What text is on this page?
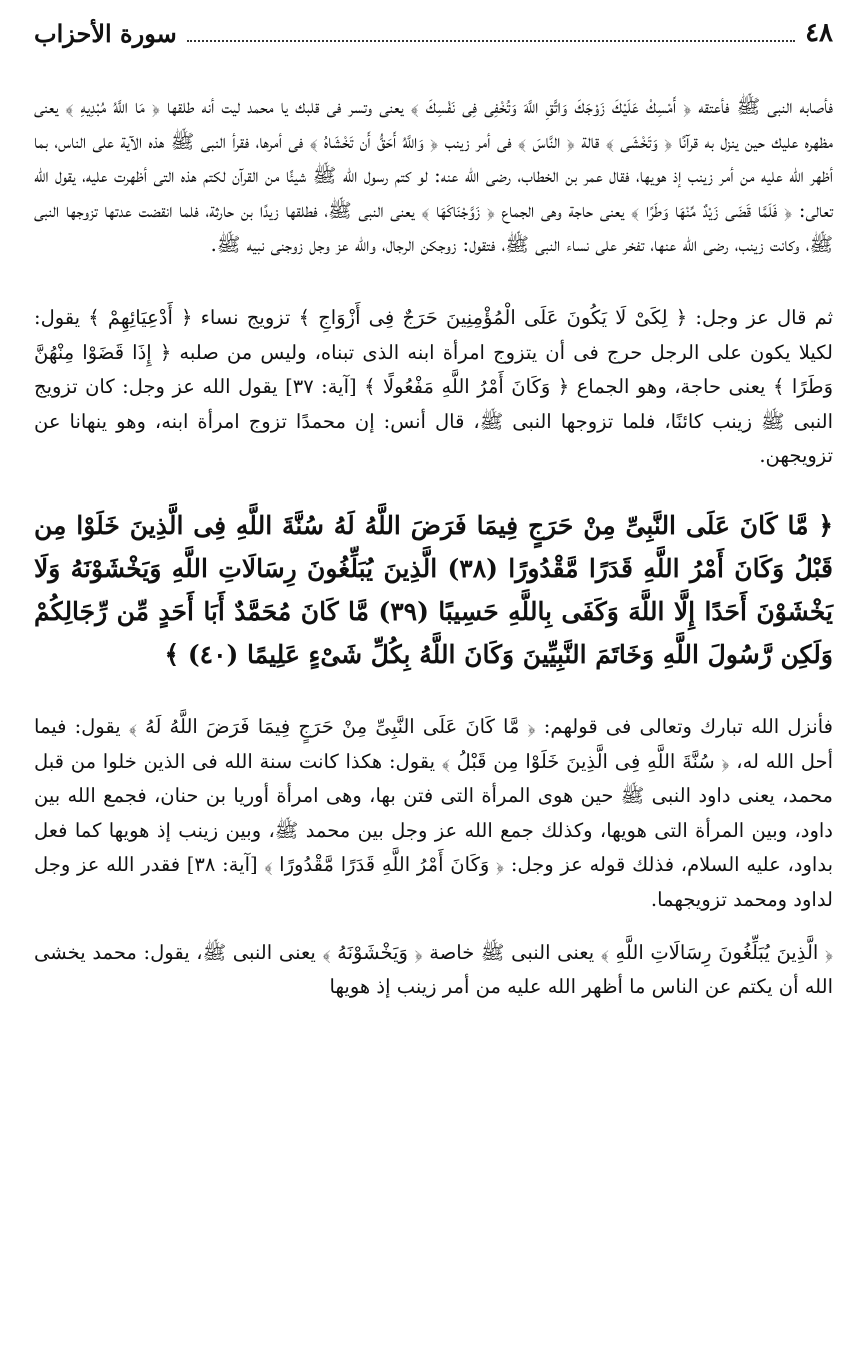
٤٨
سورة الأحزاب

فأصابه النبى ﷺ فأعتقه ﴿ أَمْسِكْ عَلَيْكَ زَوْجَكَ وَاتَّقِ اللَّهَ وَتُخْفِى فِى نَفْسِكَ ﴾ يعنى وتسر فى قلبك يا محمد ليت أنه طلقها ﴿ مَا اللَّهُ مُبْدِيهِ ﴾ يعنى مظهره عليك حين ينزل به قرآنًا ﴿ وَتَخْشَى ﴾ قالة ﴿ النَّاسَ ﴾ فى أمر زينب ﴿ وَاللَّهُ أَحَقُّ أَن تَخْشَاهُ ﴾ فى أمرها، فقرأ النبى ﷺ هذه الآية على الناس، بما أظهر الله عليه من أمر زينب إذ هويها، فقال عمر بن الخطاب، رضى الله عنه: لو كتم رسول الله ﷺ شيئًا من القرآن لكتم هذه التى أظهرت عليه، يقول الله تعالى: ﴿ فَلَمَّا قَضَى زَيْدٌ مِّنْهَا وَطَرًا ﴾ يعنى حاجة وهى الجماع ﴿ زَوَّجْنَاكَهَا ﴾ يعنى النبى ﷺ، فطلقها زيدًا بن حارثة، فلما انقضت عدتها تزوجها النبى ﷺ، وكانت زينب، رضى الله عنها، تفخر على نساء النبى ﷺ، فتقول: زوجكن الرجال، والله عز وجل زوجنى نبيه ﷺ.

ثم قال عز وجل: ﴿ لِكَىْ لَا يَكُونَ عَلَى الْمُؤْمِنِينَ حَرَجٌ فِى أَزْوَاجِ ﴾ تزويج نساء ﴿ أَدْعِيَائِهِمْ ﴾ يقول: لكيلا يكون على الرجل حرج فى أن يتزوج امرأة ابنه الذى تبناه، وليس من صلبه ﴿ إِذَا قَضَوْا مِنْهُنَّ وَطَرًا ﴾ يعنى حاجة، وهو الجماع ﴿ وَكَانَ أَمْرُ اللَّهِ مَفْعُولًا ﴾ [آية: ٣٧] يقول الله عز وجل: كان تزويج النبى ﷺ زينب كائنًا، فلما تزوجها النبى ﷺ، قال أنس: إن محمدًا تزوج امرأة ابنه، وهو ينهانا عن تزويجهن.

﴿ مَّا كَانَ عَلَى النَّبِىِّ مِنْ حَرَجٍ فِيمَا فَرَضَ اللَّهُ لَهُ سُنَّةَ اللَّهِ فِى الَّذِينَ خَلَوْا مِن قَبْلُ وَكَانَ أَمْرُ اللَّهِ قَدَرًا مَّقْدُورًا (٣٨) الَّذِينَ يُبَلِّغُونَ رِسَالَاتِ اللَّهِ وَيَخْشَوْنَهُ وَلَا يَخْشَوْنَ أَحَدًا إِلَّا اللَّهَ وَكَفَى بِاللَّهِ حَسِيبًا (٣٩) مَّا كَانَ مُحَمَّدٌ أَبَا أَحَدٍ مِّن رِّجَالِكُمْ وَلَكِن رَّسُولَ اللَّهِ وَخَاتَمَ النَّبِيِّينَ وَكَانَ اللَّهُ بِكُلِّ شَىْءٍ عَلِيمًا (٤٠) ﴾

فأنزل الله تبارك وتعالى فى قولهم: ﴿ مَّا كَانَ عَلَى النَّبِىِّ مِنْ حَرَجٍ فِيمَا فَرَضَ اللَّهُ لَهُ ﴾ يقول: فيما أحل الله له، ﴿ سُنَّةَ اللَّهِ فِى الَّذِينَ خَلَوْا مِن قَبْلُ ﴾ يقول: هكذا كانت سنة الله فى الذين خلوا من قبل محمد، يعنى داود النبى ﷺ حين هوى المرأة التى فتن بها، وهى امرأة أوريا بن حنان، فجمع الله بين داود، وبين المرأة التى هويها، وكذلك جمع الله عز وجل بين محمد ﷺ، وبين زينب إذ هويها كما فعل بداود، عليه السلام، فذلك قوله عز وجل: ﴿ وَكَانَ أَمْرُ اللَّهِ قَدَرًا مَّقْدُورًا ﴾ [آية: ٣٨] فقدر الله عز وجل لداود ومحمد تزويجهما.

﴿ الَّذِينَ يُبَلِّغُونَ رِسَالَاتِ اللَّهِ ﴾ يعنى النبى ﷺ خاصة ﴿ وَيَخْشَوْنَهُ ﴾ يعنى النبى ﷺ، يقول: محمد يخشى الله أن يكتم عن الناس ما أظهر الله عليه من أمر زينب إذ هويها
